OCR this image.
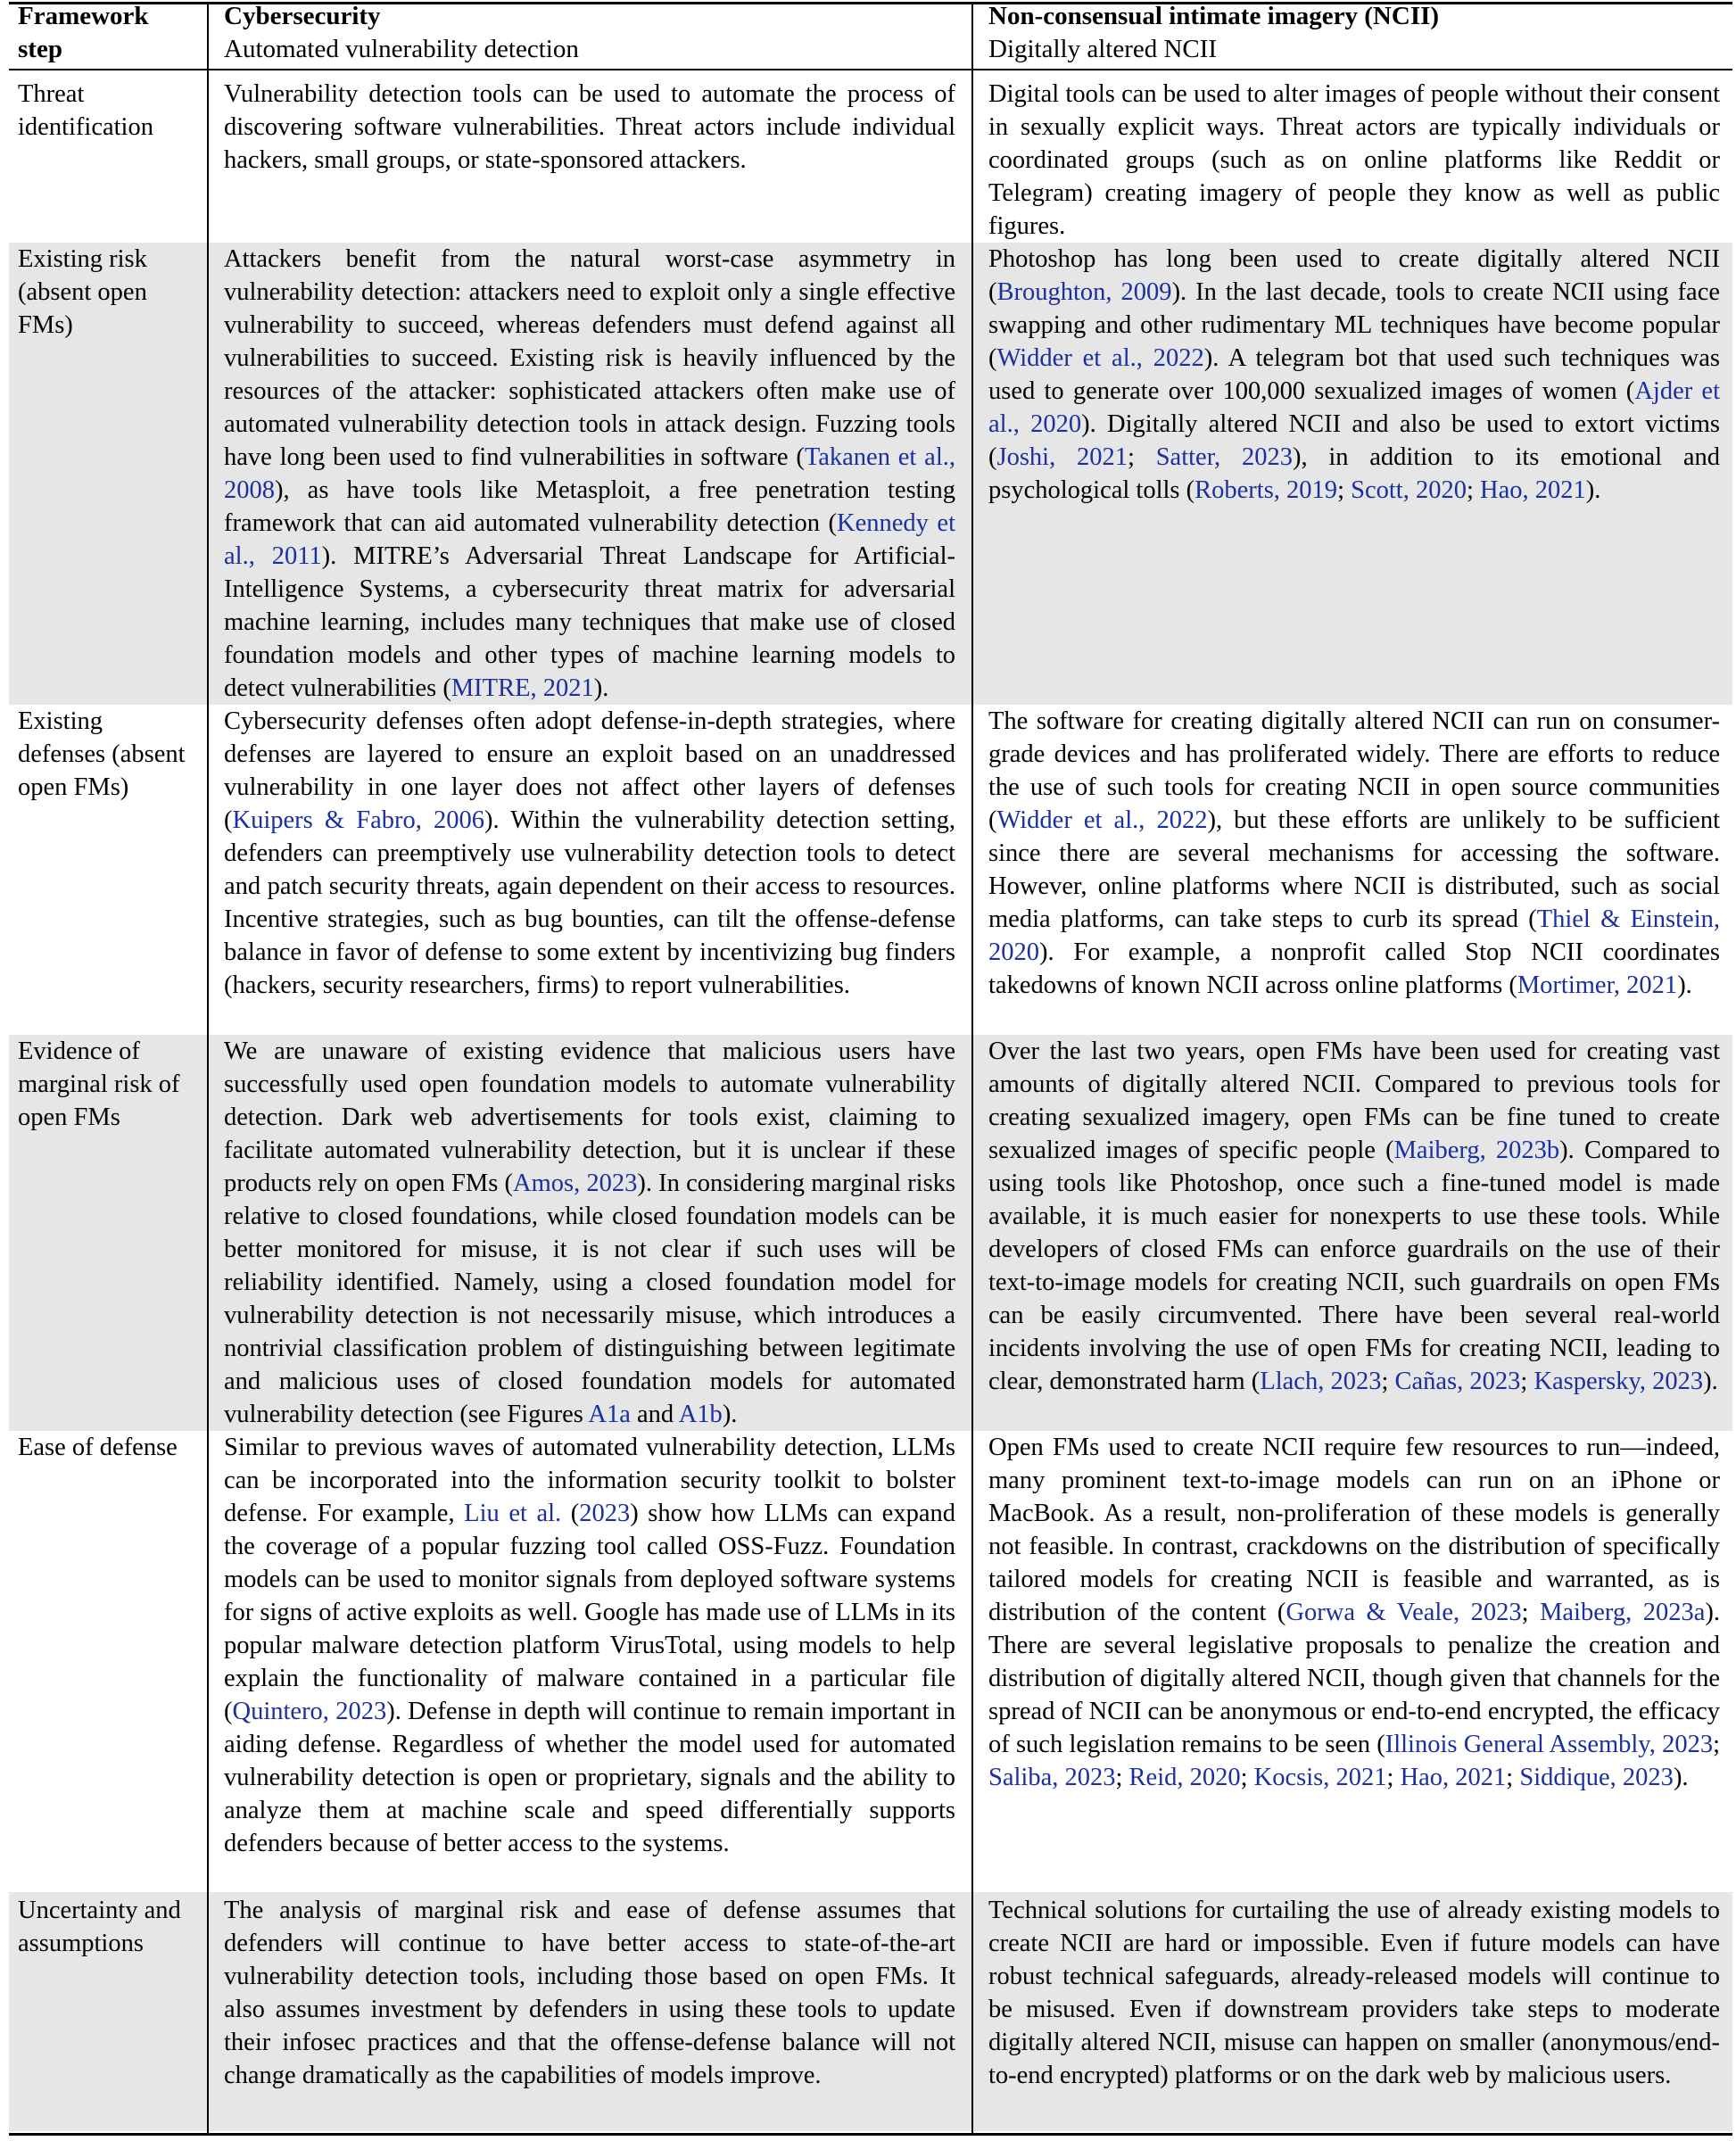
Framework step
Cybersecurity
Automated vulnerability detection
Non-consensual intimate imagery (NCII)
Digitally altered NCII
Threat identification
Vulnerability detection tools can be used to automate the process of discovering software vulnerabilities. Threat actors include individual hackers, small groups, or state-sponsored attackers.
Digital tools can be used to alter images of people without their consent in sexually explicit ways. Threat actors are typically individuals or coordinated groups (such as on online platforms like Reddit or Telegram) creating imagery of people they know as well as public figures.
Existing risk (absent open FMs)
Attackers benefit from the natural worst-case asymmetry in vulnerability detection: attackers need to exploit only a single effective vulnerability to succeed, whereas defenders must defend against all vulnerabilities to succeed. Existing risk is heavily influenced by the resources of the attacker: sophisticated attackers often make use of automated vulnerability detection tools in attack design. Fuzzing tools have long been used to find vulnerabilities in software (Takanen et al., 2008), as have tools like Metasploit, a free penetration testing framework that can aid automated vulnerability detection (Kennedy et al., 2011). MITRE’s Adversarial Threat Landscape for Artificial-Intelligence Systems, a cybersecurity threat matrix for adversarial machine learning, includes many techniques that make use of closed foundation models and other types of machine learning models to detect vulnerabilities (MITRE, 2021).
Photoshop has long been used to create digitally altered NCII (Broughton, 2009). In the last decade, tools to create NCII using face swapping and other rudimentary ML techniques have become popular (Widder et al., 2022). A telegram bot that used such techniques was used to generate over 100,000 sexualized images of women (Ajder et al., 2020). Digitally altered NCII and also be used to extort victims (Joshi, 2021; Satter, 2023), in addition to its emotional and psychological tolls (Roberts, 2019; Scott, 2020; Hao, 2021).
Existing defenses (absent open FMs)
Cybersecurity defenses often adopt defense-in-depth strategies, where defenses are layered to ensure an exploit based on an unaddressed vulnerability in one layer does not affect other layers of defenses (Kuipers & Fabro, 2006). Within the vulnerability detection setting, defenders can preemptively use vulnerability detection tools to detect and patch security threats, again dependent on their access to resources. Incentive strategies, such as bug bounties, can tilt the offense-defense balance in favor of defense to some extent by incentivizing bug finders (hackers, security researchers, firms) to report vulnerabilities.
The software for creating digitally altered NCII can run on consumer-grade devices and has proliferated widely. There are efforts to reduce the use of such tools for creating NCII in open source communities (Widder et al., 2022), but these efforts are unlikely to be sufficient since there are several mechanisms for accessing the software. However, online platforms where NCII is distributed, such as social media platforms, can take steps to curb its spread (Thiel & Einstein, 2020). For example, a nonprofit called Stop NCII coordinates takedowns of known NCII across online platforms (Mortimer, 2021).
Evidence of marginal risk of open FMs
We are unaware of existing evidence that malicious users have successfully used open foundation models to automate vulnerability detection. Dark web advertisements for tools exist, claiming to facilitate automated vulnerability detection, but it is unclear if these products rely on open FMs (Amos, 2023). In considering marginal risks relative to closed foundations, while closed foundation models can be better monitored for misuse, it is not clear if such uses will be reliability identified. Namely, using a closed foundation model for vulnerability detection is not necessarily misuse, which introduces a nontrivial classification problem of distinguishing between legitimate and malicious uses of closed foundation models for automated vulnerability detection (see Figures A1a and A1b).
Over the last two years, open FMs have been used for creating vast amounts of digitally altered NCII. Compared to previous tools for creating sexualized imagery, open FMs can be fine tuned to create sexualized images of specific people (Maiberg, 2023b). Compared to using tools like Photoshop, once such a fine-tuned model is made available, it is much easier for nonexperts to use these tools. While developers of closed FMs can enforce guardrails on the use of their text-to-image models for creating NCII, such guardrails on open FMs can be easily circumvented. There have been several real-world incidents involving the use of open FMs for creating NCII, leading to clear, demonstrated harm (Llach, 2023; Cañas, 2023; Kaspersky, 2023).
Ease of defense	Similar to previous waves of automated vulnerability detection, LLMs can be incorporated into the information security toolkit to bolster defense. For example, Liu et al. (2023) show how LLMs can expand the coverage of a popular fuzzing tool called OSS-Fuzz. Foundation models can be used to monitor signals from deployed software systems for signs of active exploits as well. Google has made use of LLMs in its popular malware detection platform VirusTotal, using models to help explain the functionality of malware contained in a particular file (Quintero, 2023). Defense in depth will continue to remain important in aiding defense. Regardless of whether the model used for automated vulnerability detection is open or proprietary, signals and the ability to analyze them at machine scale and speed differentially supports defenders because of better access to the systems.
Open FMs used to create NCII require few resources to run—indeed, many prominent text-to-image models can run on an iPhone or MacBook. As a result, non-proliferation of these models is generally not feasible. In contrast, crackdowns on the distribution of specifically tailored models for creating NCII is feasible and warranted, as is distribution of the content (Gorwa & Veale, 2023; Maiberg, 2023a). There are several legislative proposals to penalize the creation and distribution of digitally altered NCII, though given that channels for the spread of NCII can be anonymous or end-to-end encrypted, the efficacy of such legislation remains to be seen (Illinois General Assembly, 2023; Saliba, 2023; Reid, 2020; Kocsis, 2021; Hao, 2021; Siddique, 2023).
Uncertainty and assumptions
The analysis of marginal risk and ease of defense assumes that defenders will continue to have better access to state-of-the-art vulnerability detection tools, including those based on open FMs. It also assumes investment by defenders in using these tools to update their infosec practices and that the offense-defense balance will not change dramatically as the capabilities of models improve.
Technical solutions for curtailing the use of already existing models to create NCII are hard or impossible. Even if future models can have robust technical safeguards, already-released models will continue to be misused. Even if downstream providers take steps to moderate digitally altered NCII, misuse can happen on smaller (anonymous/end-to-end encrypted) platforms or on the dark web by malicious users.
